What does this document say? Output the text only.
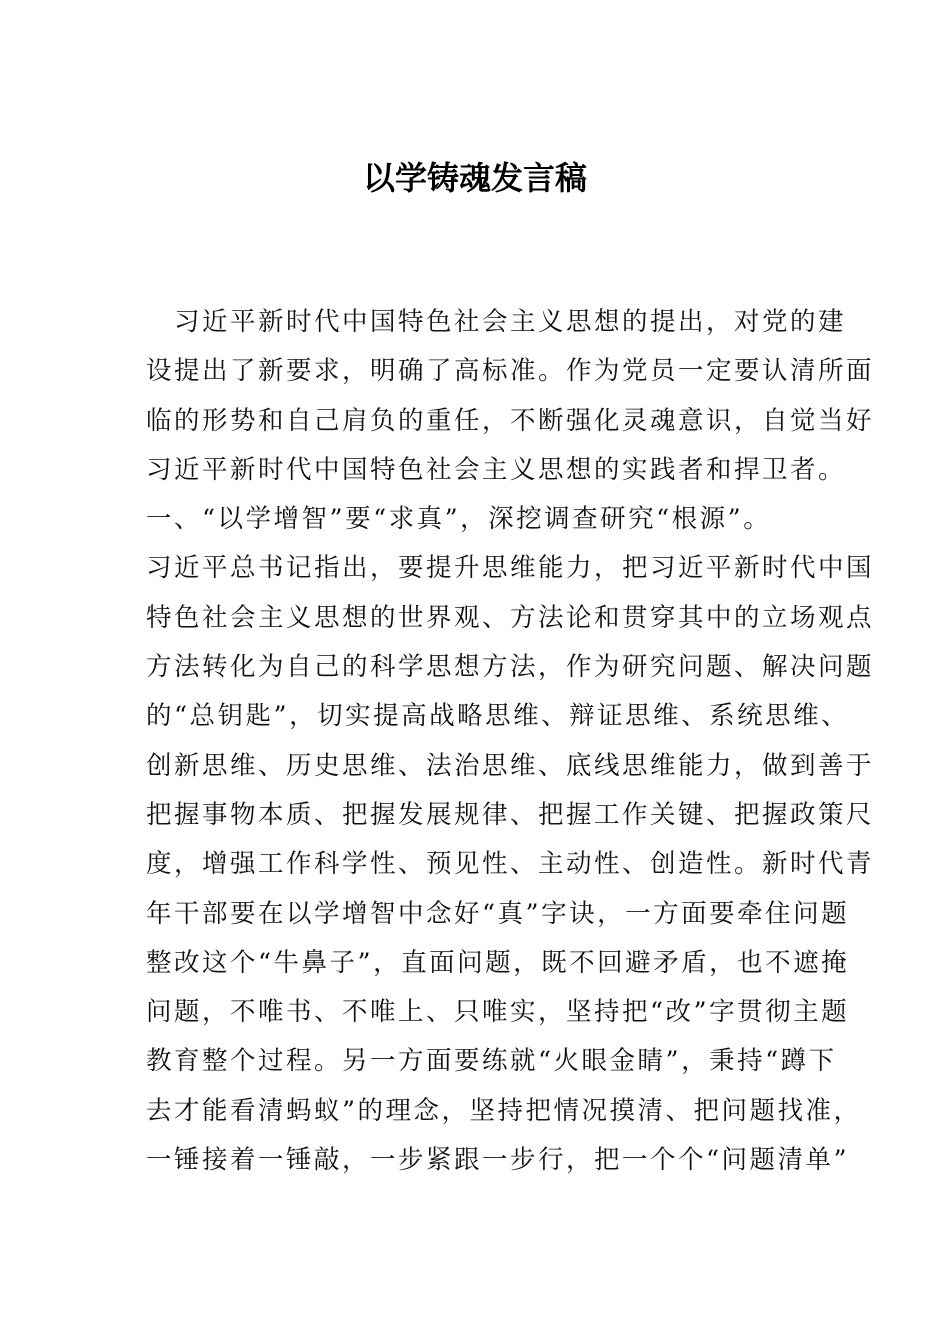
以学铸魂发言稿
　习近平新时代中国特色社会主义思想的提出，对党的建
设提出了新要求，明确了高标准。作为党员一定要认清所面
临的形势和自己肩负的重任，不断强化灵魂意识，自觉当好
习近平新时代中国特色社会主义思想的实践者和捍卫者。
一、“以学增智”要“求真”，深挖调查研究“根源”。
习近平总书记指出，要提升思维能力，把习近平新时代中国
特色社会主义思想的世界观、方法论和贯穿其中的立场观点
方法转化为自己的科学思想方法，作为研究问题、解决问题
的“总钥匙”，切实提高战略思维、辩证思维、系统思维、
创新思维、历史思维、法治思维、底线思维能力，做到善于
把握事物本质、把握发展规律、把握工作关键、把握政策尺
度，增强工作科学性、预见性、主动性、创造性。新时代青
年干部要在以学增智中念好“真”字诀，一方面要牵住问题
整改这个“牛鼻子”，直面问题，既不回避矛盾，也不遮掩
问题，不唯书、不唯上、只唯实，坚持把“改”字贯彻主题
教育整个过程。另一方面要练就“火眼金睛”，秉持“蹲下
去才能看清蚂蚁”的理念，坚持把情况摸清、把问题找准，
一锤接着一锤敲，一步紧跟一步行，把一个个“问题清单”
